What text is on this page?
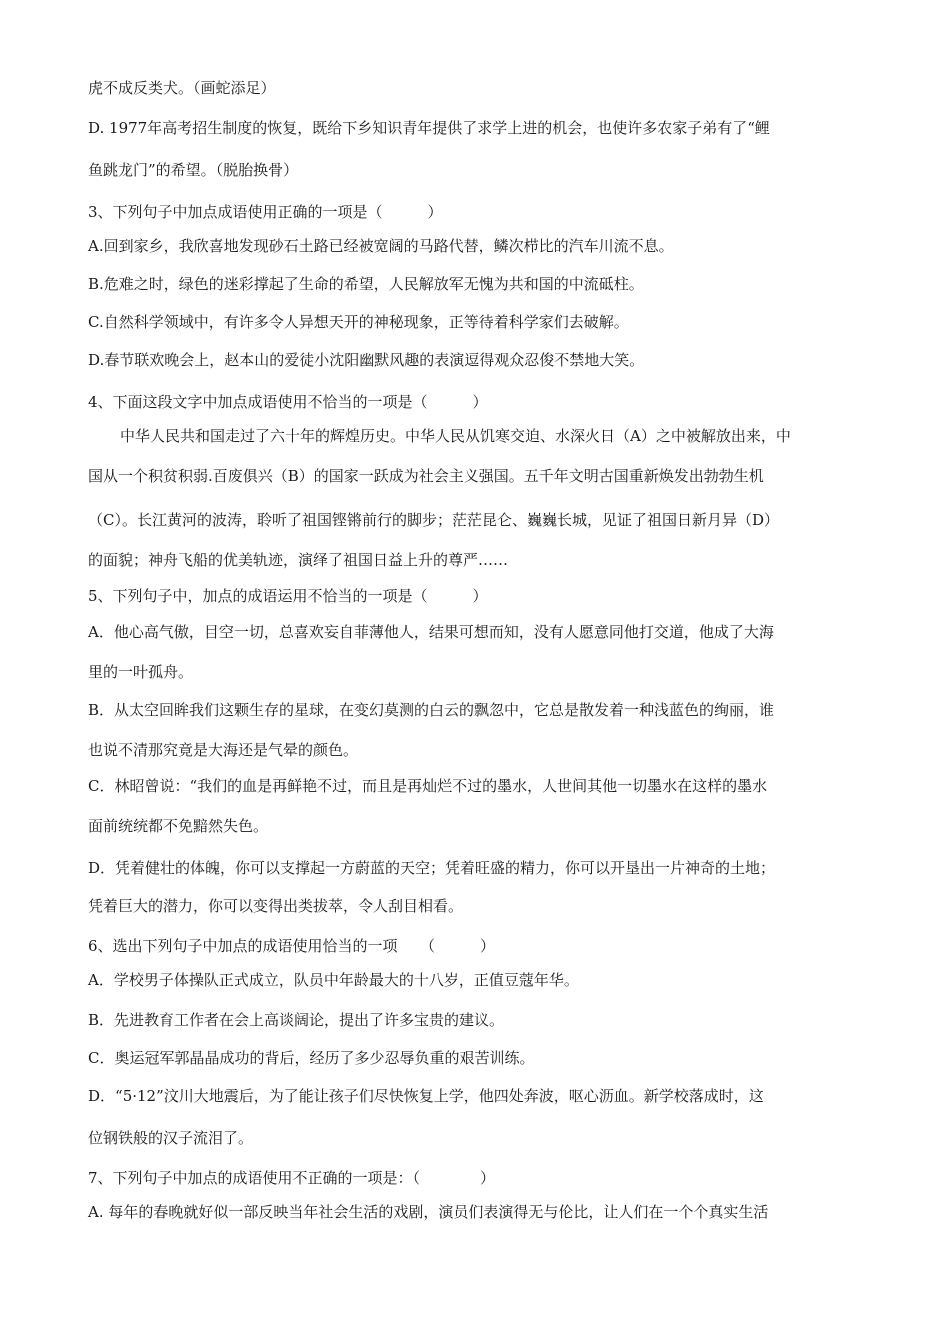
虎不成反类犬。（画蛇添足）
D. 1977年高考招生制度的恢复，既给下乡知识青年提供了求学上进的机会，也使许多农家子弟有了“鲤
鱼跳龙门”的希望。（脱胎换骨）
3、下列句子中加点成语使用正确的一项是（　　　）
A.回到家乡，我欣喜地发现砂石土路已经被宽阔的马路代替，鳞次栉比的汽车川流不息。
B.危难之时，绿色的迷彩撑起了生命的希望，人民解放军无愧为共和国的中流砥柱。
C.自然科学领域中，有许多令人异想天开的神秘现象，正等待着科学家们去破解。
D.春节联欢晚会上，赵本山的爱徒小沈阳幽默风趣的表演逗得观众忍俊不禁地大笑。
4、下面这段文字中加点成语使用不恰当的一项是（　　　）
中华人民共和国走过了六十年的辉煌历史。中华人民从饥寒交迫、水深火日（A）之中被解放出来，中
国从一个积贫积弱.百废俱兴（B）的国家一跃成为社会主义强国。五千年文明古国重新焕发出勃勃生机
（C）。长江黄河的波涛，聆听了祖国铿锵前行的脚步；茫茫昆仑、巍巍长城，见证了祖国日新月异（D）
的面貌；神舟飞船的优美轨迹，演绎了祖国日益上升的尊严……
5、下列句子中，加点的成语运用不恰当的一项是（　　　）
A．他心高气傲，目空一切，总喜欢妄自菲薄他人，结果可想而知，没有人愿意同他打交道，他成了大海
里的一叶孤舟。
B．从太空回眸我们这颗生存的星球，在变幻莫测的白云的飘忽中，它总是散发着一种浅蓝色的绚丽，谁
也说不清那究竟是大海还是气晕的颜色。
C．林昭曾说：“我们的血是再鲜艳不过，而且是再灿烂不过的墨水，人世间其他一切墨水在这样的墨水
面前统统都不免黯然失色。
D．凭着健壮的体魄，你可以支撑起一方蔚蓝的天空；凭着旺盛的精力，你可以开垦出一片神奇的土地；
凭着巨大的潜力，你可以变得出类拔萃，令人刮目相看。
6、选出下列句子中加点的成语使用恰当的一项　　（　　　）
A．学校男子体操队正式成立，队员中年龄最大的十八岁，正值豆蔻年华。
B．先进教育工作者在会上高谈阔论，提出了许多宝贵的建议。
C．奥运冠军郭晶晶成功的背后，经历了多少忍辱负重的艰苦训练。
D．“5·12”汶川大地震后，为了能让孩子们尽快恢复上学，他四处奔波，呕心沥血。新学校落成时，这
位钢铁般的汉子流泪了。
7、下列句子中加点的成语使用不正确的一项是：（　　　　）
A. 每年的春晚就好似一部反映当年社会生活的戏剧，演员们表演得无与伦比，让人们在一个个真实生活
